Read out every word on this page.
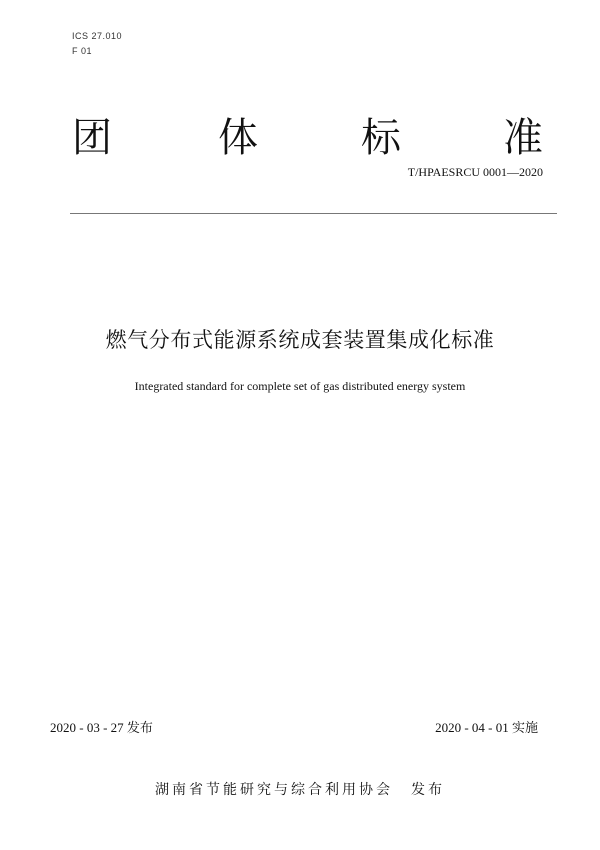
ICS 27.010
F 01
团	体	标	准
T/HPAESRCU 0001—2020
燃气分布式能源系统成套装置集成化标准
Integrated standard for complete set of gas distributed energy system
2020 - 03 - 27 发布	2020 - 04 - 01 实施
湖南省节能研究与综合利用协会 发布
